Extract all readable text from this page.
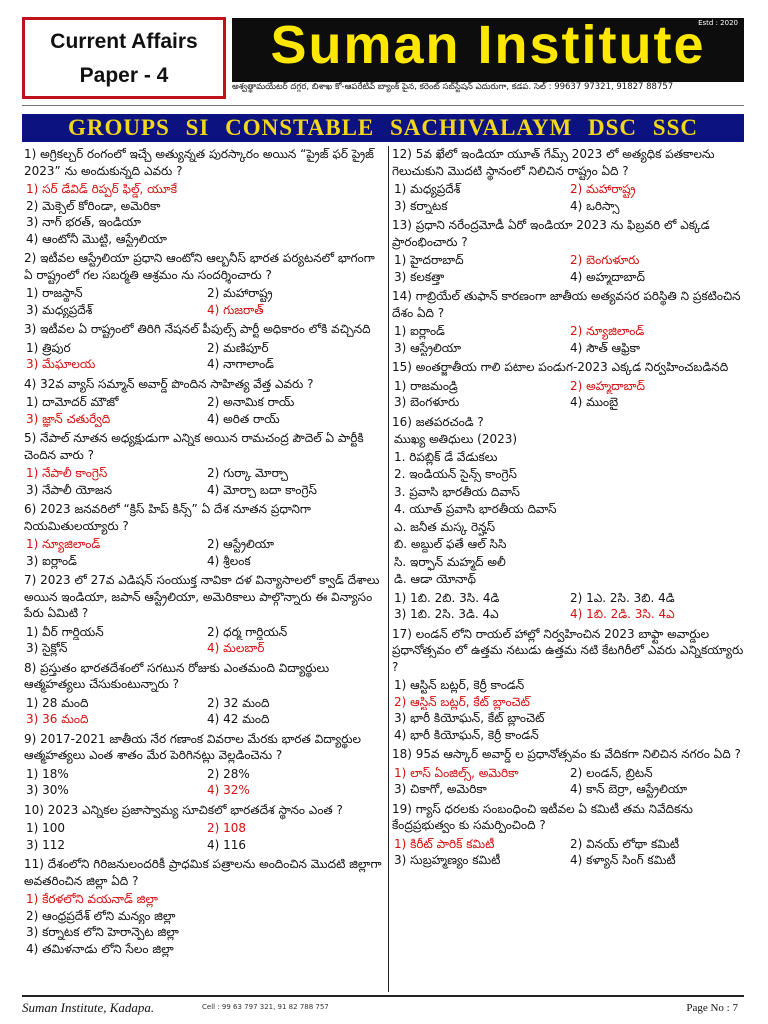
Current Affairs
Paper - 4
Suman Institute
Estd : 2020
అశ్వత్థామయేటర్ దగ్గర, బిశాఖ కో-ఆపరేటివ్ బ్యాంక్ పైన, కరెంట్ సబ్‌స్టేషన్ ఎదురుగా, కడప. సెల్ : 99637 97321, 91827 88757
GROUPS SI CONSTABLE SACHIVALAYM DSC SSC
1) అగ్రికల్చర్ రంగంలో ఇచ్చే అత్యున్నత పురస్కారం అయిన “ప్రైజ్ ఫర్ ప్రైజ్ 2023” ను అందుకున్నది ఎవరు ?
1) సర్ డేవిడ్ రిప్పర్ ఫిల్డ్, యూకే
2) మెక్సెల్ కోరిండా, అమెరికా
3) నాగ్ భరత్, ఇండియా
4) ఆంటోనీ మొట్టి, ఆస్ట్రేలియా
2) ఇటీవల ఆస్ట్రేలియా ప్రధాని ఆంటోని ఆల్బనీస్ భారత పర్యటనలో భాగంగా ఏ రాష్ట్రంలో గల సబర్మతి ఆశ్రమం ను సందర్శించారు ?
1) రాజస్థాన్	2) మహారాష్ట్ర
3) మధ్యప్రదేశ్	4) గుజరాత్
3) ఇటీవల ఏ రాష్ట్రంలో తిరిగి నేషనల్ పీపుల్స్ పార్టీ అధికారం లోకి వచ్చినది
1) త్రిపుర	2) మణిపూర్
3) మేఘాలయ	4) నాగాలాండ్
4) 32వ వ్యాస్ సమ్మాన్ అవార్డ్ పొందిన సాహిత్య వేత్త ఎవరు ?
1) దామోదర్ మౌజో	2) అనామిక రాయ్
3) జ్ఞాన్ చతుర్వేది	4) అరిత రాయ్
5) నేపాల్ నూతన అధ్యక్షుడుగా ఎన్నిక అయిన రామచంద్ర పౌదెల్ ఏ పార్టీకి చెందిన వారు ?
1) నేపాలీ కాంగ్రెస్	2) గుర్కా మోర్చా
3) నేపాలీ యోజన	4) మోర్చా బదా కాంగ్రెస్
6) 2023 జనవరిలో “క్రిస్ హిప్ కిన్స్” ఏ దేశ నూతన ప్రధానిగా నియమితులయ్యారు ?
1) న్యూజిలాండ్	2) ఆస్ట్రేలియా
3) ఐర్లాండ్	4) శ్రీలంక
7) 2023 లో 27వ ఎడిషన్ సంయుక్త నావికా దళ విన్యాసాలలో క్వాడ్ దేశాలు అయిన ఇండియా, జపాన్ ఆస్ట్రేలియా, అమెరికాలు పాల్గొన్నారు ఈ విన్యాసం పేరు ఏమిటి ?
1) వీర్ గార్డియన్	2) ధర్మ గార్డియన్
3) సైక్లోన్	4) మలబార్
8) ప్రస్తుతం భారతదేశంలో సగటున రోజుకు ఎంతమంది విద్యార్థులు ఆత్మహత్యలు చేసుకుంటున్నారు ?
1) 28 మంది	2) 32 మంది
3) 36 మంది	4) 42 మంది
9) 2017-2021 జాతీయ నేర గణాంక వివరాల మేరకు భారత విద్యార్థుల ఆత్మహత్యలు ఎంత శాతం మేర పెరిగినట్లు వెల్లడించెను ?
1) 18%	2) 28%
3) 30%	4) 32%
10) 2023 ఎన్నికల ప్రజాస్వామ్య సూచికలో భారతదేశ స్థానం ఎంత ?
1) 100	2) 108
3) 112	4) 116
11) దేశంలోని గిరిజనులందరికీ ప్రాధమిక పత్రాలను అందించిన మొదటి జిల్లాగా అవతరించిన జిల్లా ఏది ?
1) కేరళలోని వయనాడ్ జిల్లా
2) ఆంధ్రప్రదేశ్ లోని మన్యం జిల్లా
3) కర్నాటక లోని హెరాన్పెట జిల్లా
4) తమిళనాడు లోని సేలం జిల్లా
12) 5వ ఖేలో ఇండియా యూత్ గేమ్స్ 2023 లో అత్యధిక పతకాలను గెలుచుకుని మొదటి స్థానంలో నిలిచిన రాష్ట్రం ఏది ?
1) మధ్యప్రదేశ్	2) మహారాష్ట్ర
3) కర్నాటక	4) ఒరిస్సా
13) ప్రధాని నరేంద్రమోడీ ఏరో ఇండియా 2023 ను ఫిబ్రవరి లో ఎక్కడ ప్రారంభించారు ?
1) హైదరాబాద్	2) బెంగుళూరు
3) కలకత్తా	4) అహ్మదాబాద్
14) గాబ్రియేల్ తుఫాన్ కారణంగా జాతీయ అత్యవసర పరిస్థితి ని ప్రకటించిన దేశం ఏది ?
1) ఐర్లాండ్	2) న్యూజిలాండ్
3) ఆస్ట్రేలియా	4) సౌత్ ఆఫ్రికా
15) అంతర్జాతీయ గాలి పటాల పండుగ-2023 ఎక్కడ నిర్వహించబడినది
1) రాజమండ్రి	2) అహ్మదాబాద్
3) బెంగళూరు	4) ముంబై
16) జతపరచండి ?
ముఖ్య అతిధులు (2023)
1. రిపబ్లిక్ డే వేడుకలు
2. ఇండియన్ సైన్స్ కాంగ్రెస్
3. ప్రవాసి భారతీయ దివాస్
4. యూత్ ప్రవాసి భారతీయ దివాస్
ఎ. జనీత మస్క రెన్హస్
బి. అబ్దుల్ ఫతే ఆల్ సిసి
సి. ఇర్ఫాన్ మహ్మద్ అలీ
డి. ఆడా యోనాథ్
1) 1బి. 2బి. 3సి. 4డి	2) 1ఎ. 2సి. 3బి. 4డి
3) 1బి. 2సి. 3డి. 4ఎ	4) 1బి. 2డి. 3సి. 4ఎ
17) లండన్ లోని రాయల్ హాల్లో నిర్వహించిన 2023 బాఫ్టా అవార్డుల ప్రధానోత్సవం లో ఉత్తమ నటుడు ఉత్తమ నటి కేటగిరీలో ఎవరు ఎన్నికయ్యారు ?
1) ఆస్టిన్ బట్లర్, కెర్రీ కాండన్
2) ఆస్టిన్ బట్లర్, కేట్ బ్లాంచెట్
3) భారీ కియోఘన్, కేట్ బ్లాంచెట్
4) భారీ కియోఘన్, కెర్రీ కాండన్
18) 95వ ఆస్కార్ అవార్డ్ ల ప్రధానోత్సవం కు వేదికగా నిలిచిన నగరం ఏది ?
1) లాస్ ఏంజిల్స్, అమెరికా	2) లండన్, బ్రిటన్
3) చికాగో, అమెరికా	4) కాన్ బెర్రా, ఆస్ట్రేలియా
19) గ్యాస్ ధరలకు సంబంధించి ఇటీవల ఏ కమిటీ తమ నివేదికను కేంద్రప్రభుత్వం కు సమర్పించింది ?
1) కిరీట్ పారిక్ కమిటీ	2) వినయ్ లోథా కమిటీ
3) సుబ్రహ్మణ్యం కమిటీ	4) కళ్యాన్ సింగ్ కమిటీ
Suman Institute, Kadapa.	Cell : 99 63 797 321, 91 82 788 757	Page No : 7
